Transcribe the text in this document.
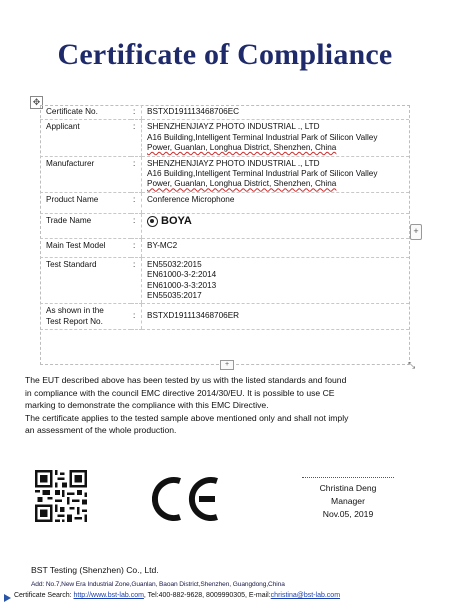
Certificate of Compliance
✥
Certificate No.	:	BSTXD191113468706EC
Applicant	:	SHENZHENJIAYZ PHOTO INDUSTRIAL ., LTD
A16 Building,Intelligent Terminal Industrial Park of Silicon Valley
Power, Guanlan, Longhua District, Shenzhen, China

Manufacturer	:	SHENZHENJIAYZ PHOTO INDUSTRIAL ., LTD
A16 Building,Intelligent Terminal Industrial Park of Silicon Valley
Power, Guanlan, Longhua District, Shenzhen, China

Product Name	:	Conference Microphone
Trade Name	:	BOYA

Main Test Model	:	BY-MC2
Test Standard	:	EN55032:2015
EN61000-3-2:2014
EN61000-3-3:2013
EN55035:2017

As shown in the
Test Report No.	:	BSTXD191113468706ER
+
+	⤡

The EUT described above has been tested by us with the listed standards and found

in compliance with the council EMC directive 2014/30/EU. It is possible to use CE

marking to demonstrate the compliance with this EMC Directive.

The certificate applies to the tested sample above mentioned only and shall not imply

an assessment of the whole production.

Christina Deng
Manager
Nov.05, 2019
BST Testing (Shenzhen) Co., Ltd.
Add: No.7,New Era Industrial Zone,Guanlan, Baoan District,Shenzhen, Guangdong,China
Certificate Search: http://www.bst-lab.com, Tel:400-882-9628, 8009990305, E-mail:christina@bst-lab.com
